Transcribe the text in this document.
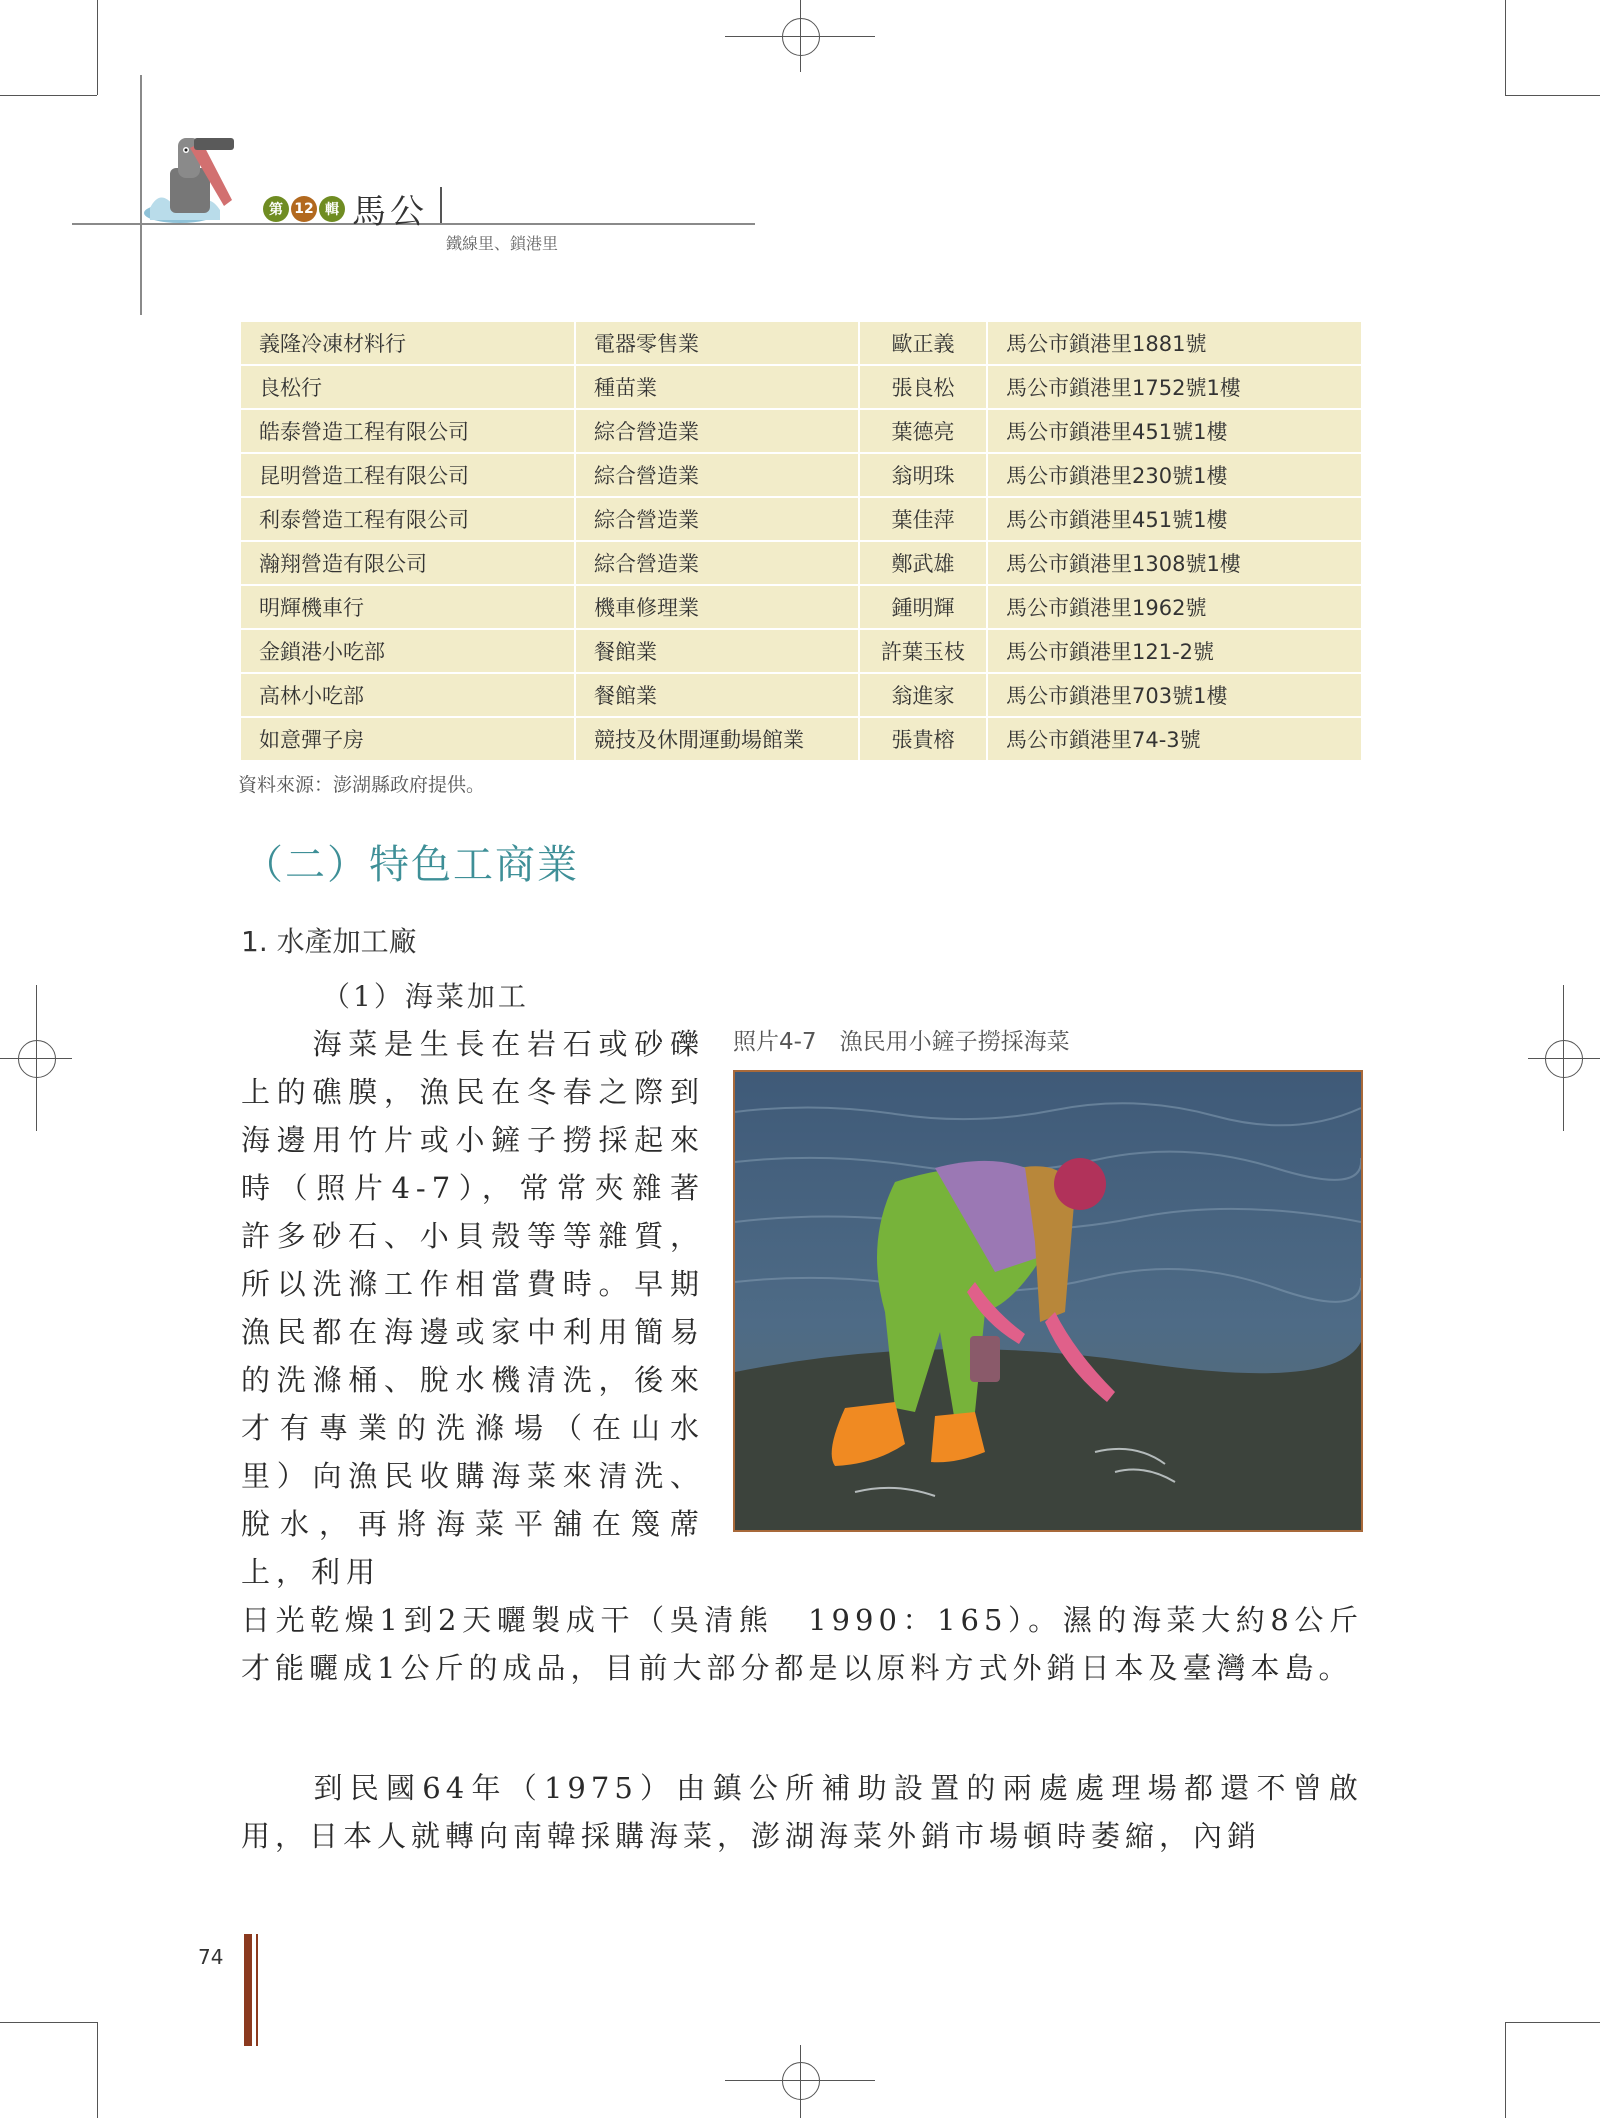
第 12 輯 馬公
鐵線里、鎖港里
義隆冷凍材料行	電器零售業	歐正義	馬公市鎖港里1881號
良松行	種苗業	張良松	馬公市鎖港里1752號1樓
皓泰營造工程有限公司	綜合營造業	葉德亮	馬公市鎖港里451號1樓
昆明營造工程有限公司	綜合營造業	翁明珠	馬公市鎖港里230號1樓
利泰營造工程有限公司	綜合營造業	葉佳萍	馬公市鎖港里451號1樓
瀚翔營造有限公司	綜合營造業	鄭武雄	馬公市鎖港里1308號1樓
明輝機車行	機車修理業	鍾明輝	馬公市鎖港里1962號
金鎖港小吃部	餐館業	許葉玉枝	馬公市鎖港里121-2號
高林小吃部	餐館業	翁進家	馬公市鎖港里703號1樓
如意彈子房	競技及休閒運動場館業	張貴榕	馬公市鎖港里74-3號
資料來源：澎湖縣政府提供。
（二）特色工商業
1. 水產加工廠
（1）海菜加工
照片4-7　漁民用小鏟子撈採海菜
　　海菜是生長在岩石或砂礫上的礁膜，漁民在冬春之際到海邊用竹片或小鏟子撈採起來時（照片4-7），常常夾雜著許多砂石、小貝殼等等雜質，所以洗滌工作相當費時。早期漁民都在海邊或家中利用簡易的洗滌桶、脫水機清洗，後來才有專業的洗滌場（在山水里）向漁民收購海菜來清洗、脫水，再將海菜平舖在篾蓆上，利用
日光乾燥1到2天曬製成干（吳清熊　1990：165）。濕的海菜大約8公斤才能曬成1公斤的成品，目前大部分都是以原料方式外銷日本及臺灣本島。
　　到民國64年（1975）由鎮公所補助設置的兩處處理場都還不曾啟用，日本人就轉向南韓採購海菜，澎湖海菜外銷市場頓時萎縮，內銷
74
